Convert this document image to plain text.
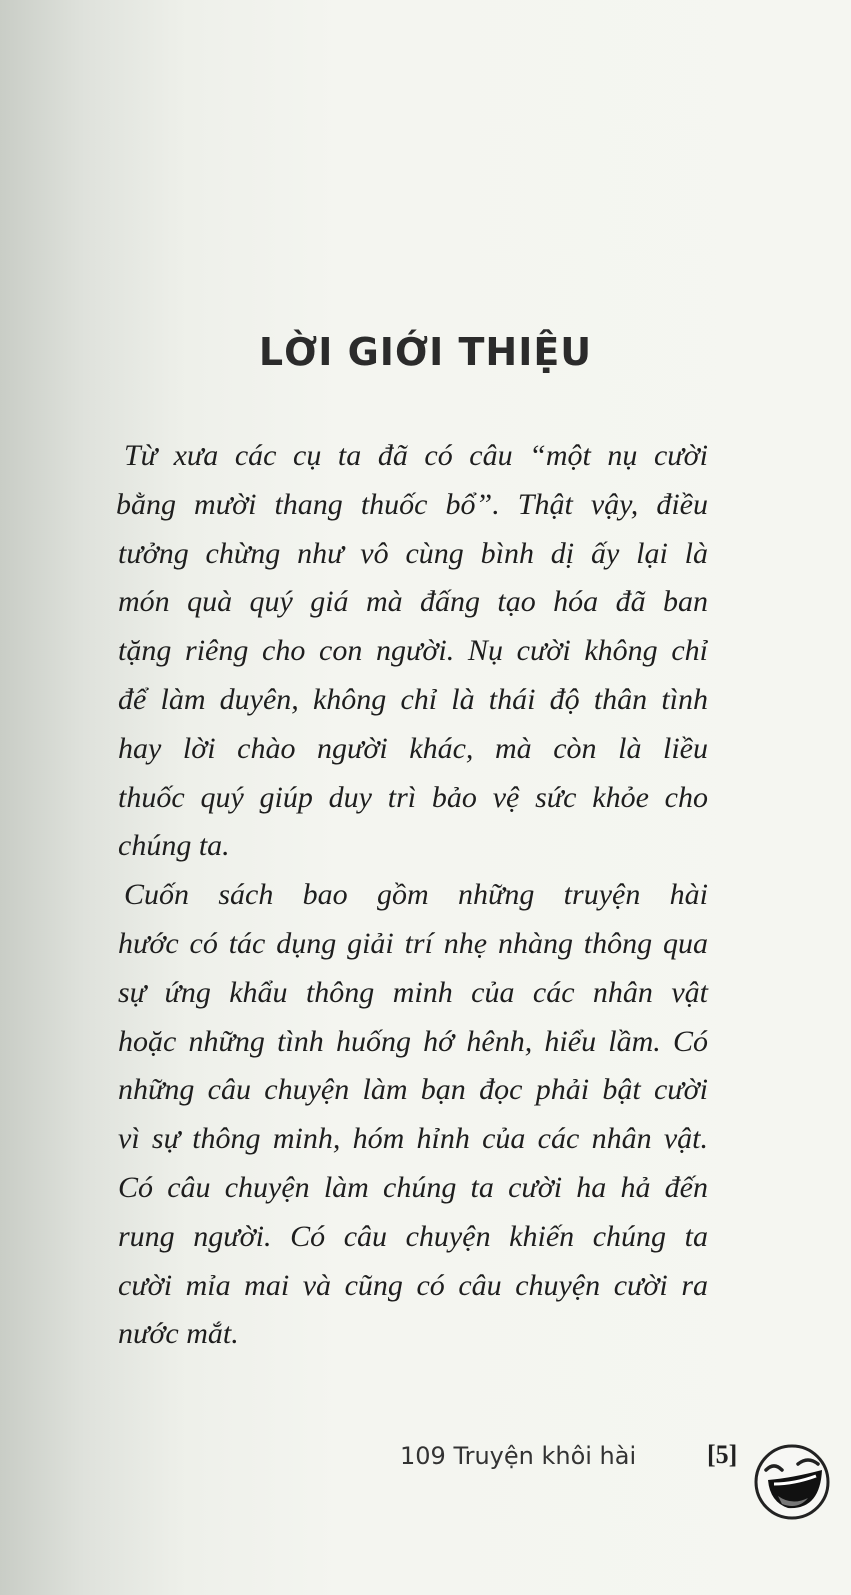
LỜI GIỚI THIỆU

Từ xưa các cụ ta đã có câu “một nụ cười
bằng mười thang thuốc bổ”. Thật vậy, điều
tưởng chừng như vô cùng bình dị ấy lại là
món quà quý giá mà đấng tạo hóa đã ban
tặng riêng cho con người. Nụ cười không chỉ
để làm duyên, không chỉ là thái độ thân tình
hay lời chào người khác, mà còn là liều
thuốc quý giúp duy trì bảo vệ sức khỏe cho
chúng ta.

Cuốn sách bao gồm những truyện hài
hước có tác dụng giải trí nhẹ nhàng thông qua
sự ứng khẩu thông minh của các nhân vật
hoặc những tình huống hớ hênh, hiểu lầm. Có
những câu chuyện làm bạn đọc phải bật cười
vì sự thông minh, hóm hỉnh của các nhân vật.
Có câu chuyện làm chúng ta cười ha hả đến
rung người. Có câu chuyện khiến chúng ta
cười mỉa mai và cũng có câu chuyện cười ra
nước mắt.

109 Truyện khôi hài	[5]
